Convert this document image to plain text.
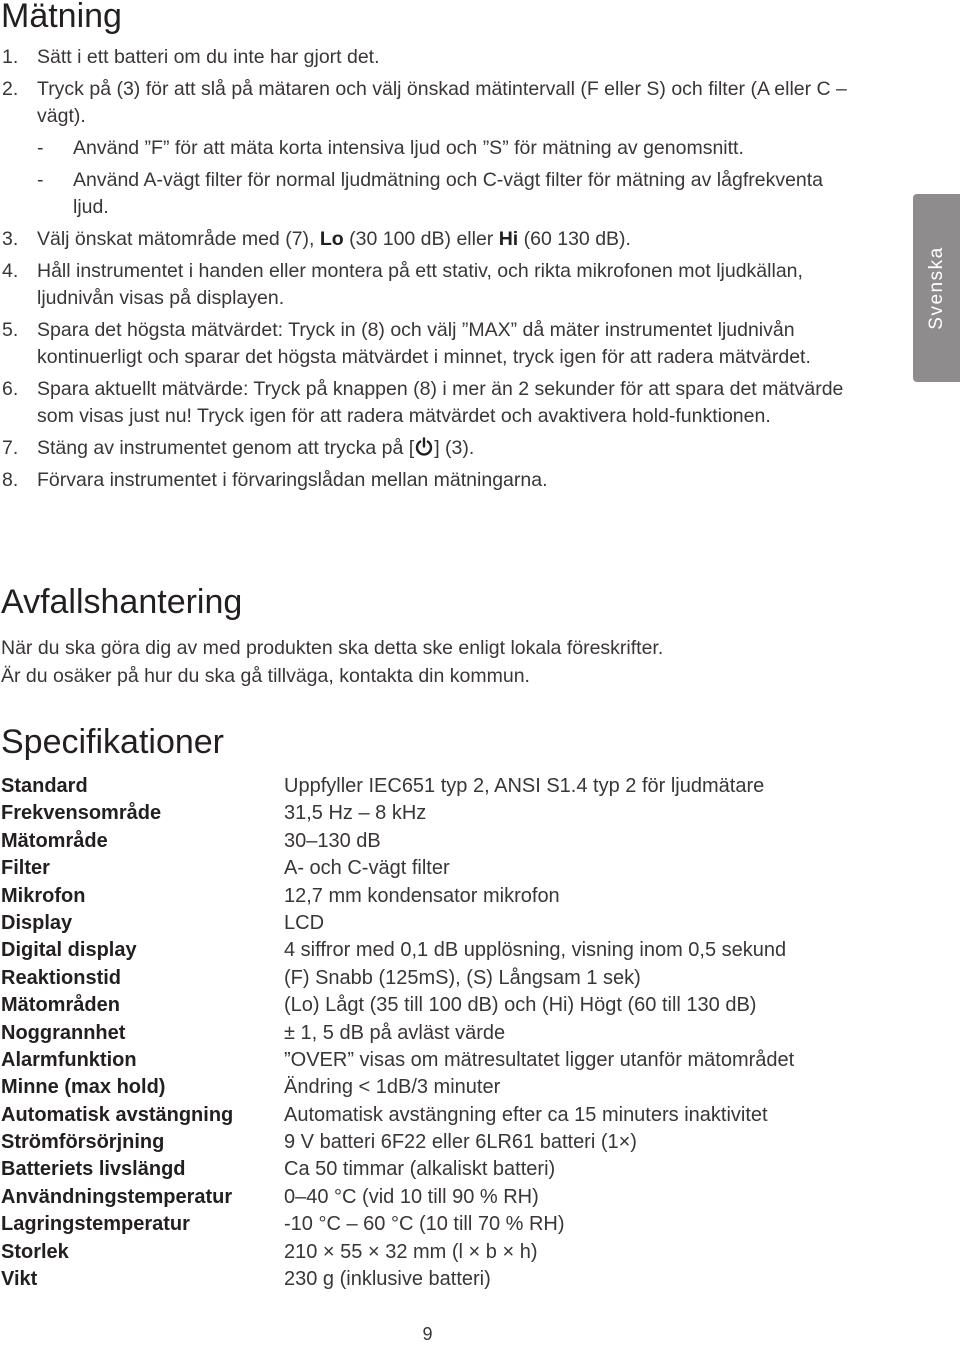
Mätning
1. Sätt i ett batteri om du inte har gjort det.
2. Tryck på (3) för att slå på mätaren och välj önskad mätintervall (F eller S) och filter (A eller C –vägt).
- Använd ”F” för att mäta korta intensiva ljud och ”S” för mätning av genomsnitt.
- Använd A-vägt filter för normal ljudmätning och C-vägt filter för mätning av lågfrekventa ljud.
3. Välj önskat mätområde med (7), Lo (30 100 dB) eller Hi (60 130 dB).
4. Håll instrumentet i handen eller montera på ett stativ, och rikta mikrofonen mot ljudkällan, ljudnivån visas på displayen.
5. Spara det högsta mätvärdet: Tryck in (8) och välj ”MAX” då mäter instrumentet ljudnivån kontinuerligt och sparar det högsta mätvärdet i minnet, tryck igen för att radera mätvärdet.
6. Spara aktuellt mätvärde: Tryck på knappen (8) i mer än 2 sekunder för att spara det mätvärde som visas just nu! Tryck igen för att radera mätvärdet och avaktivera hold-funktionen.
7. Stäng av instrumentet genom att trycka på [ ] (3).
8. Förvara instrumentet i förvaringslådan mellan mätningarna.
Avfallshantering
När du ska göra dig av med produkten ska detta ske enligt lokala föreskrifter.
Är du osäker på hur du ska gå tillväga, kontakta din kommun.
Specifikationer
Standard	Uppfyller IEC651 typ 2, ANSI S1.4 typ 2 för ljudmätare
Frekvensområde	31,5 Hz – 8 kHz
Mätområde	30–130 dB
Filter	A- och C-vägt filter
Mikrofon	12,7 mm kondensator mikrofon
Display	LCD
Digital display	4 siffror med 0,1 dB upplösning, visning inom 0,5 sekund
Reaktionstid	(F) Snabb (125mS), (S) Långsam 1 sek)
Mätområden	(Lo) Lågt (35 till 100 dB) och (Hi) Högt (60 till 130 dB)
Noggrannhet	± 1, 5 dB på avläst värde
Alarmfunktion	”OVER” visas om mätresultatet ligger utanför mätområdet
Minne (max hold)	Ändring < 1dB/3 minuter
Automatisk avstängning	Automatisk avstängning efter ca 15 minuters inaktivitet
Strömförsörjning	9 V batteri 6F22 eller 6LR61 batteri (1×)
Batteriets livslängd	Ca 50 timmar (alkaliskt batteri)
Användningstemperatur	0–40 °C (vid 10 till 90 % RH)
Lagringstemperatur	-10 °C – 60 °C (10 till 70 % RH)
Storlek	210 × 55 × 32 mm (l × b × h)
Vikt	230 g (inklusive batteri)
Svenska
9
